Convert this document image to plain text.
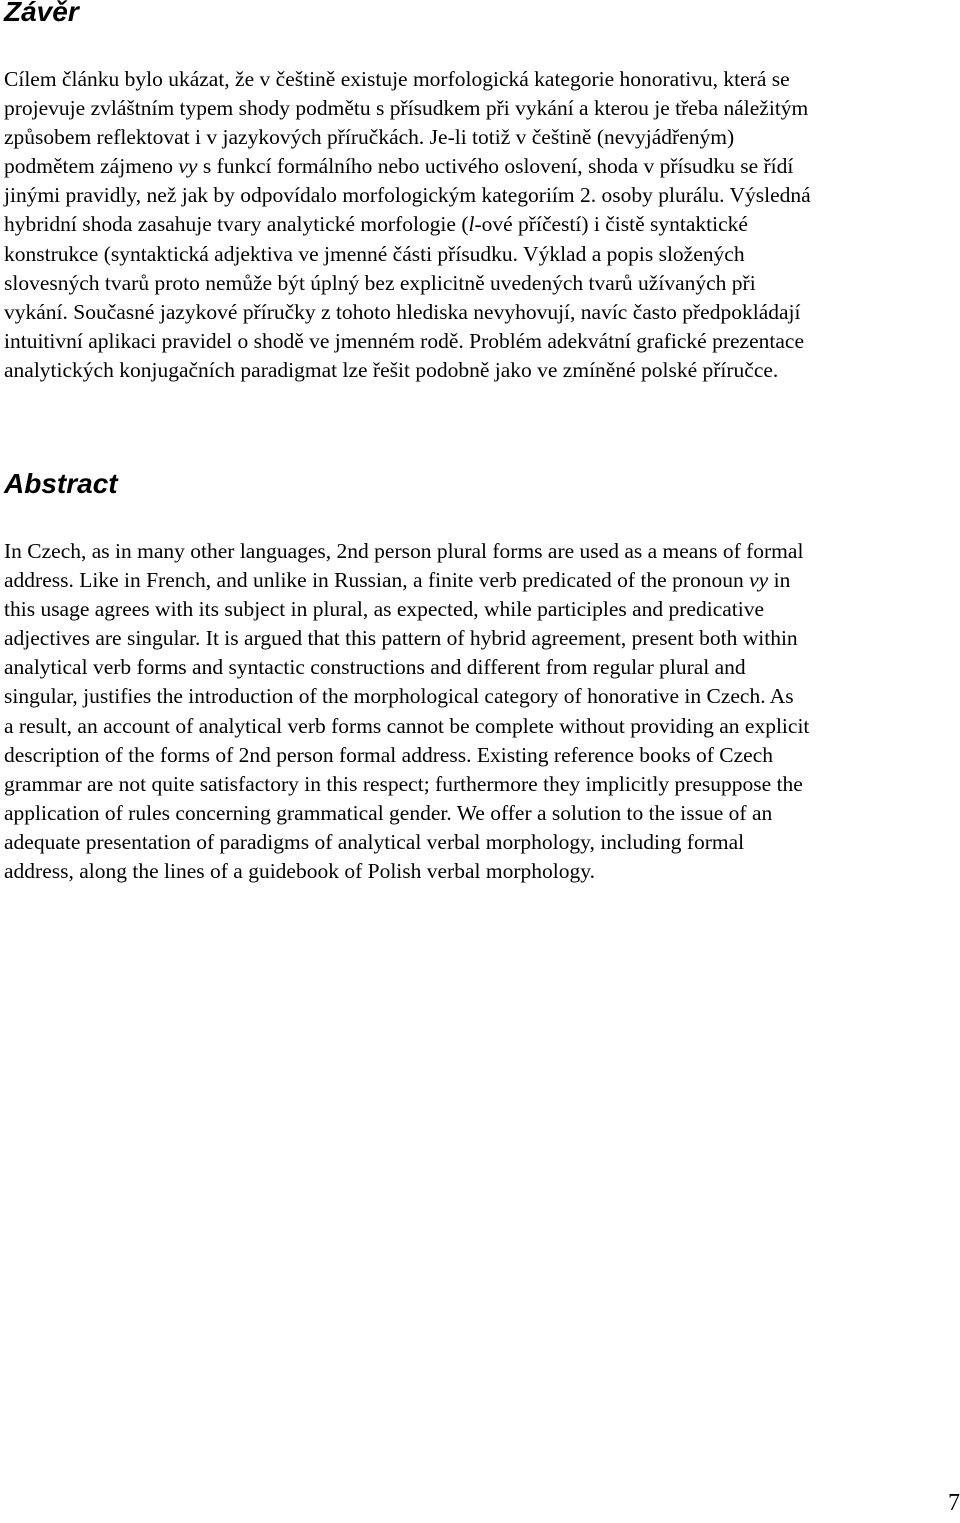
Závěr
Cílem článku bylo ukázat, že v češtině existuje morfologická kategorie honorativu, která se
projevuje zvláštním typem shody podmětu s přísudkem při vykání a kterou je třeba náležitým
způsobem reflektovat i v jazykových příručkách. Je-li totiž v češtině (nevyjádřeným)
podmětem zájmeno vy s funkcí formálního nebo uctivého oslovení, shoda v přísudku se řídí
jinými pravidly, než jak by odpovídalo morfologickým kategoriím 2. osoby plurálu. Výsledná
hybridní shoda zasahuje tvary analytické morfologie (l-ové příčestí) i čistě syntaktické
konstrukce (syntaktická adjektiva ve jmenné části přísudku. Výklad a popis složených
slovesných tvarů proto nemůže být úplný bez explicitně uvedených tvarů užívaných při
vykání. Současné jazykové příručky z tohoto hlediska nevyhovují, navíc často předpokládají
intuitivní aplikaci pravidel o shodě ve jmenném rodě. Problém adekvátní grafické prezentace
analytických konjugačních paradigmat lze řešit podobně jako ve zmíněné polské příručce.
Abstract
In Czech, as in many other languages, 2nd person plural forms are used as a means of formal
address. Like in French, and unlike in Russian, a finite verb predicated of the pronoun vy in
this usage agrees with its subject in plural, as expected, while participles and predicative
adjectives are singular. It is argued that this pattern of hybrid agreement, present both within
analytical verb forms and syntactic constructions and different from regular plural and
singular, justifies the introduction of the morphological category of honorative in Czech. As
a result, an account of analytical verb forms cannot be complete without providing an explicit
description of the forms of 2nd person formal address. Existing reference books of Czech
grammar are not quite satisfactory in this respect; furthermore they implicitly presuppose the
application of rules concerning grammatical gender. We offer a solution to the issue of an
adequate presentation of paradigms of analytical verbal morphology, including formal
address, along the lines of a guidebook of Polish verbal morphology.
7
